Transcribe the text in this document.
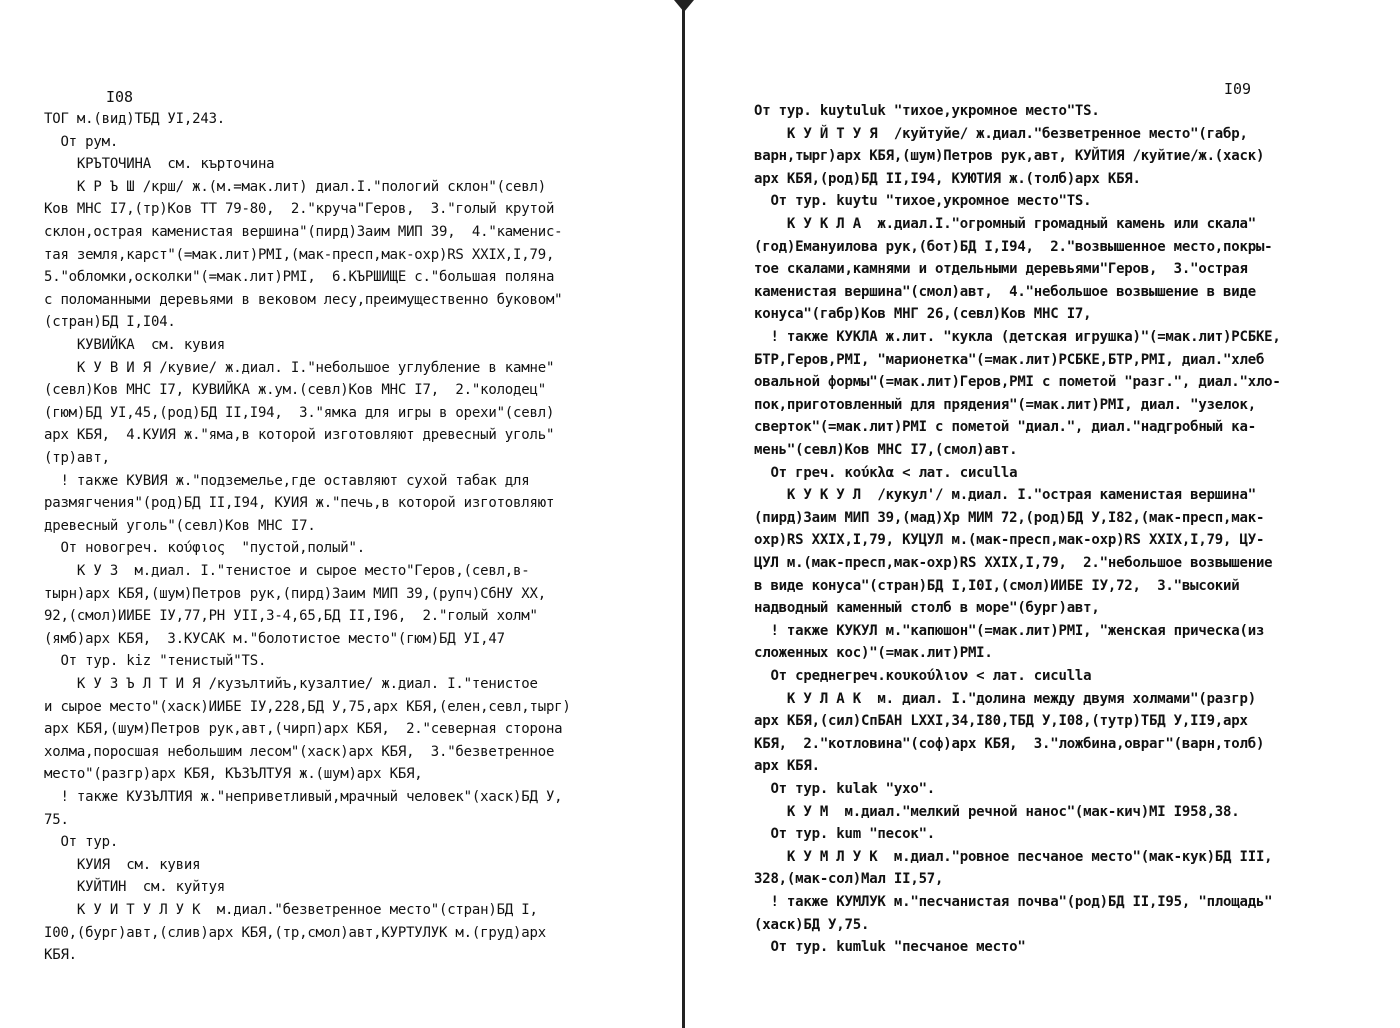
I08
ТОГ м.(вид)ТБД УI,243.
От рум.
КРЪТОЧИНА  см. кърточина
К Р Ъ Ш /крш/ ж.(м.=мак.лит) диал.I."пологий склон"(севл)
Ков МНС I7,(тр)Ков ТТ 79-80,  2."круча"Геров,  3."голый крутой
склон,острая каменистая вершина"(пирд)Заим МИП 39,  4."каменис-
тая земля,карст"(=мак.лит)РМI,(мак-пресп,мак-охр)RS XXIX,I,79,
5."обломки,осколки"(=мак.лит)РМI,  6.КЪРШИЩЕ с."большая поляна
с поломанными деревьями в вековом лесу,преимущественно буковом"
(стран)БД I,I04.
КУВИЙКА  см. кувия
К У В И Я /кувие/ ж.диал. I."небольшое углубление в камне"
(севл)Ков МНС I7, КУВИЙКА ж.ум.(севл)Ков МНС I7,  2."колодец"
(гюм)БД УI,45,(род)БД II,I94,  3."ямка для игры в орехи"(севл)
арх КБЯ,  4.КУИЯ ж."яма,в которой изготовляют древесный уголь"
(тр)авт,
! также КУВИЯ ж."подземелье,где оставляют сухой табак для
размягчения"(род)БД II,I94, КУИЯ ж."печь,в которой изготовляют
древесный уголь"(севл)Ков МНС I7.
От новогреч. κούφιος  "пустой,полый".
К У З  м.диал. I."тенистое и сырое место"Геров,(севл,в-
тырн)арх КБЯ,(шум)Петров рук,(пирд)Заим МИП 39,(рупч)СбНУ XX,
92,(смол)ИИБЕ IУ,77,РН УII,3-4,65,БД II,I96,  2."голый холм"
(ямб)арх КБЯ,  3.КУСАК м."болотистое место"(гюм)БД УI,47
От тур. kiz "тенистый"TS.
К У З Ъ Л Т И Я /кузълтийъ,кузалтие/ ж.диал. I."тенистое
и сырое место"(хаск)ИИБЕ IУ,228,БД У,75,арх КБЯ,(елен,севл,тырг)
арх КБЯ,(шум)Петров рук,авт,(чирп)арх КБЯ,  2."северная сторона
холма,поросшая небольшим лесом"(хаск)арх КБЯ,  3."безветренное
место"(разгр)арх КБЯ, КЪЗЪЛТУЯ ж.(шум)арх КБЯ,
! также КУЗЪЛТИЯ ж."неприветливый,мрачный человек"(хаск)БД У,
75.
От тур.
КУИЯ  см. кувия
КУЙТИН  см. куйтуя
К У И Т У Л У К  м.диал."безветренное место"(стран)БД I,
I00,(бург)авт,(слив)арх КБЯ,(тр,смол)авт,КУРТУЛУК м.(груд)арх
КБЯ.
I09
От тур. kuytuluk "тихое,укромное место"TS.
К У Й Т У Я  /куйтуйе/ ж.диал."безветренное место"(габр,
варн,тырг)арх КБЯ,(шум)Петров рук,авт, КУЙТИЯ /куйтие/ж.(хаск)
арх КБЯ,(род)БД II,I94, КУЮТИЯ ж.(толб)арх КБЯ.
От тур. kuytu "тихое,укромное место"TS.
К У К Л А  ж.диал.I."огромный громадный камень или скала"
(год)Емануилова рук,(бот)БД I,I94,  2."возвышенное место,покры-
тое скалами,камнями и отдельными деревьями"Геров,  3."острая
каменистая вершина"(смол)авт,  4."небольшое возвышение в виде
конуса"(габр)Ков МНГ 26,(севл)Ков МНС I7,
! также КУКЛА ж.лит. "кукла (детская игрушка)"(=мак.лит)РСБКЕ,
БТР,Геров,РМI, "марионетка"(=мак.лит)РСБКЕ,БТР,РМI, диал."хлеб
овальной формы"(=мак.лит)Геров,РМI с пометой "разг.", диал."хло-
пок,приготовленный для прядения"(=мак.лит)РМI, диал. "узелок,
сверток"(=мак.лит)РМI с пометой "диал.", диал."надгробный ка-
мень"(севл)Ков МНС I7,(смол)авт.
От греч. κούκλα < лат. сисulla
К У К У Л  /кукул'/ м.диал. I."острая каменистая вершина"
(пирд)Заим МИП 39,(мад)Хр МИМ 72,(род)БД У,I82,(мак-пресп,мак-
охр)RS XXIX,I,79, КУЦУЛ м.(мак-пресп,мак-охр)RS XXIX,I,79, ЦУ-
ЦУЛ м.(мак-пресп,мак-охр)RS XXIX,I,79,  2."небольшое возвышение
в виде конуса"(стран)БД I,I0I,(смол)ИИБЕ IУ,72,  3."высокий
надводный каменный столб в море"(бург)авт,
! также КУКУЛ м."капюшон"(=мак.лит)РМI, "женская прическа(из
сложенных кос)"(=мак.лит)РМI.
От среднегреч.κουκούλιον < лат. сисulla
К У Л А К  м. диал. I."долина между двумя холмами"(разгр)
арх КБЯ,(сил)СпБАН LXXI,34,I80,ТБД У,I08,(тутр)ТБД У,II9,арх
КБЯ,  2."котловина"(соф)арх КБЯ,  3."ложбина,овраг"(варн,толб)
арх КБЯ.
От тур. kulak "ухо".
К У М  м.диал."мелкий речной нанос"(мак-кич)МI I958,38.
От тур. kum "песок".
К У М Л У К  м.диал."ровное песчаное место"(мак-кук)БД III,
328,(мак-сол)Мал II,57,
! также КУМЛУК м."песчанистая почва"(род)БД II,I95, "площадь"
(хаск)БД У,75.
От тур. kumluk "песчаное место"
